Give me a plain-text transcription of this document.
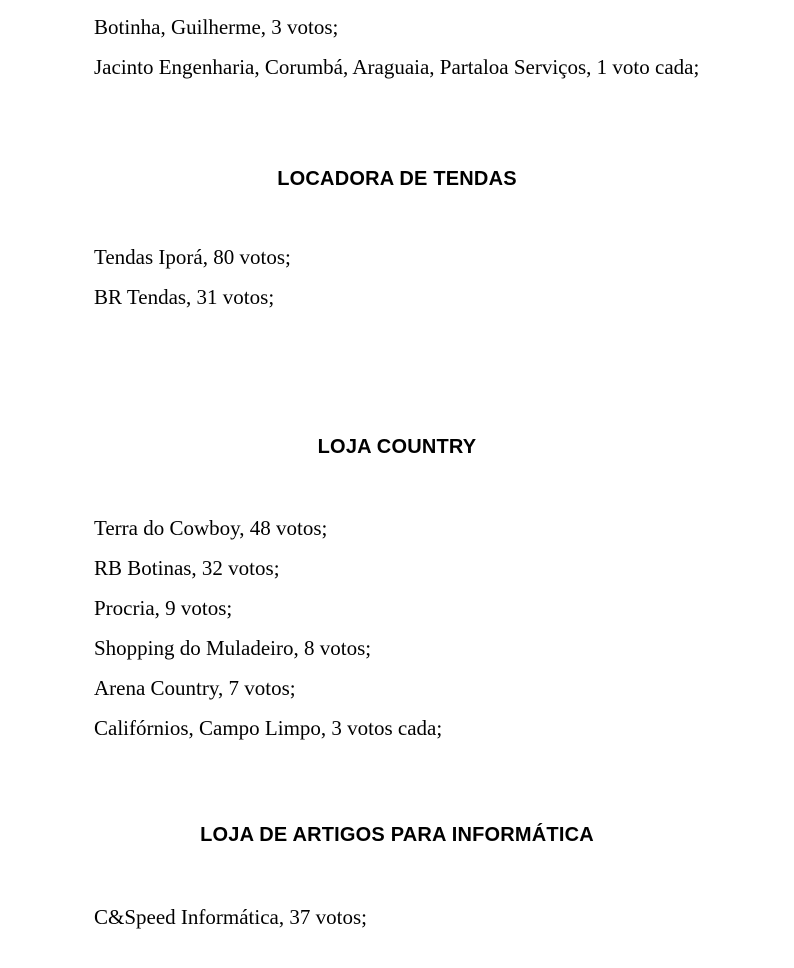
Botinha, Guilherme, 3 votos;

Jacinto Engenharia, Corumbá, Araguaia, Partaloa Serviços, 1 voto cada;

LOCADORA DE TENDAS

Tendas Iporá, 80 votos;

BR Tendas, 31 votos;

LOJA COUNTRY

Terra do Cowboy, 48 votos;

RB Botinas, 32 votos;

Procria, 9 votos;

Shopping do Muladeiro, 8 votos;

Arena Country, 7 votos;

Califórnios, Campo Limpo, 3 votos cada;

LOJA DE ARTIGOS PARA INFORMÁTICA

C&Speed Informática, 37 votos;
